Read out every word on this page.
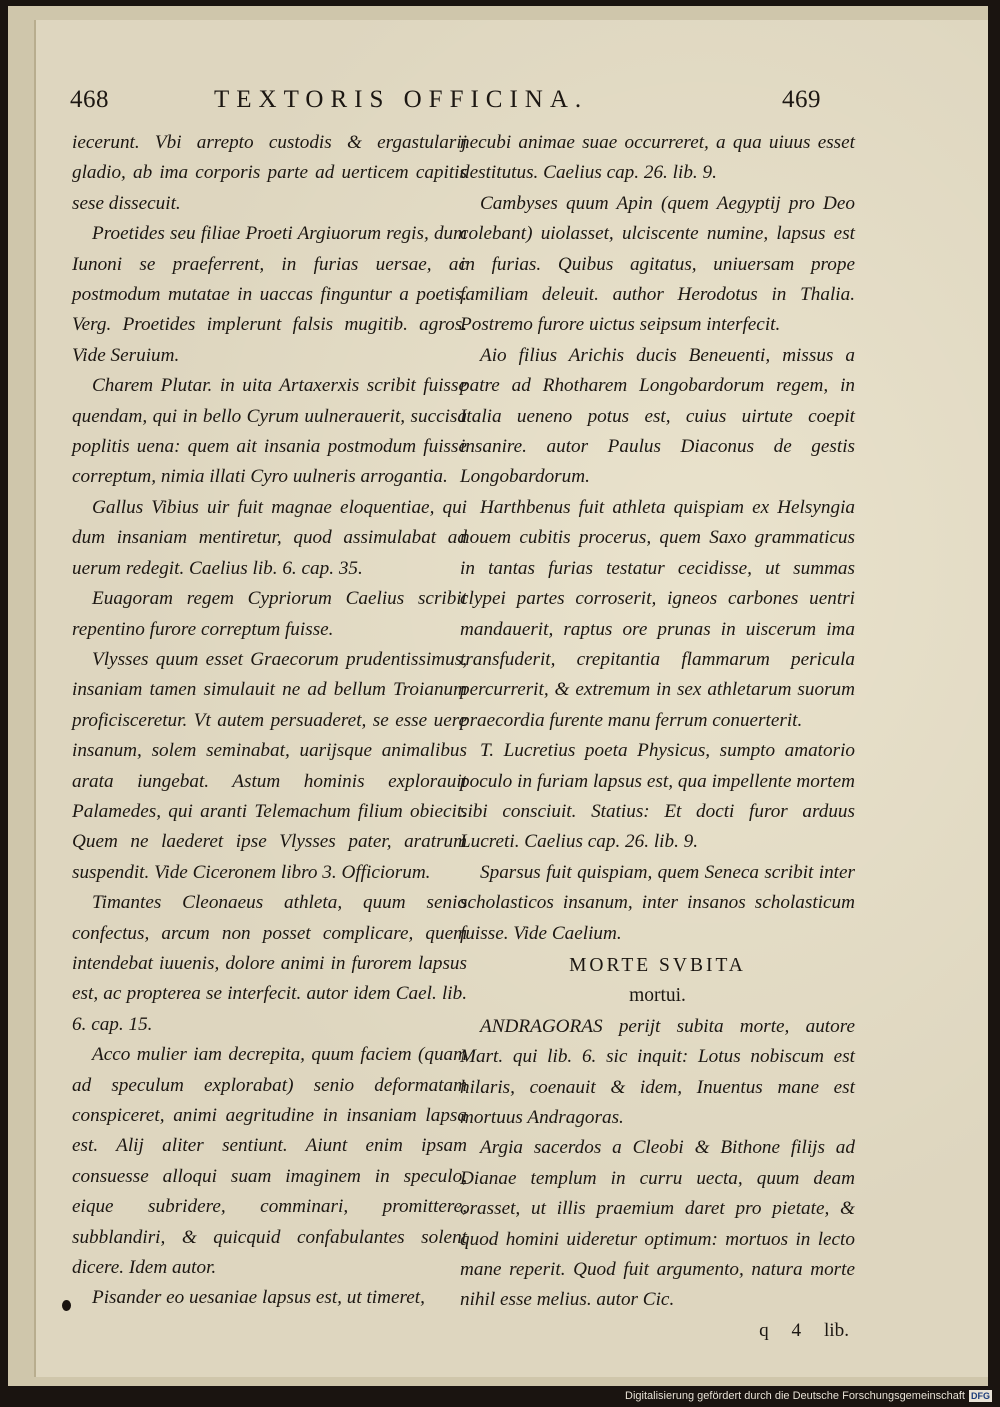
468	TEXTORIS OFFICINA.	469

iecerunt. Vbi arrepto custodis & ergastularij gladio, ab ima corporis parte ad uerticem capitis sese dissecuit.

Proetides seu filiae Proeti Argiuorum regis, dum Iunoni se praeferrent, in furias uersae, ac postmodum mutatae in uaccas finguntur a poetis. Verg. Proetides implerunt falsis mugitib. agros. Vide Seruium.

Charem Plutar. in uita Artaxerxis scribit fuisse quendam, qui in bello Cyrum uulnerauerit, succisa poplitis uena: quem ait insania postmodum fuisse correptum, nimia illati Cyro uulneris arrogantia.

Gallus Vibius uir fuit magnae eloquentiae, qui dum insaniam mentiretur, quod assimulabat ad uerum redegit. Caelius lib. 6. cap. 35.

Euagoram regem Cypriorum Caelius scribit repentino furore correptum fuisse.

Vlysses quum esset Graecorum prudentissimus, insaniam tamen simulauit ne ad bellum Troianum proficisceretur. Vt autem persuaderet, se esse uere insanum, solem seminabat, uarijsque animalibus arata iungebat. Astum hominis explorauit Palamedes, qui aranti Telemachum filium obiecit. Quem ne laederet ipse Vlysses pater, aratrum suspendit. Vide Ciceronem libro 3. Officiorum.

Timantes Cleonaeus athleta, quum senio confectus, arcum non posset complicare, quem intendebat iuuenis, dolore animi in furorem lapsus est, ac propterea se interfecit. autor idem Cael. lib. 6. cap. 15.

Acco mulier iam decrepita, quum faciem (quam ad speculum explorabat) senio deformatam conspiceret, animi aegritudine in insaniam lapsa est. Alij aliter sentiunt. Aiunt enim ipsam consuesse alloqui suam imaginem in speculo, eique subridere, comminari, promittere, subblandiri, & quicquid confabulantes solent dicere. Idem autor.

Pisander eo uesaniae lapsus est, ut timeret,

necubi animae suae occurreret, a qua uiuus esset destitutus. Caelius cap. 26. lib. 9.

Cambyses quum Apin (quem Aegyptij pro Deo colebant) uiolasset, ulciscente numine, lapsus est in furias. Quibus agitatus, uniuersam prope familiam deleuit. author Herodotus in Thalia. Postremo furore uictus seipsum interfecit.

Aio filius Arichis ducis Beneuenti, missus a patre ad Rhotharem Longobardorum regem, in Italia ueneno potus est, cuius uirtute coepit insanire. autor Paulus Diaconus de gestis Longobardorum.

Harthbenus fuit athleta quispiam ex Helsyngia nouem cubitis procerus, quem Saxo grammaticus in tantas furias testatur cecidisse, ut summas clypei partes corroserit, igneos carbones uentri mandauerit, raptus ore prunas in uiscerum ima transfuderit, crepitantia flammarum pericula percurrerit, & extremum in sex athletarum suorum praecordia furente manu ferrum conuerterit.

T. Lucretius poeta Physicus, sumpto amatorio poculo in furiam lapsus est, qua impellente mortem sibi consciuit. Statius: Et docti furor arduus Lucreti. Caelius cap. 26. lib. 9.

Sparsus fuit quispiam, quem Seneca scribit inter scholasticos insanum, inter insanos scholasticum fuisse. Vide Caelium.

MORTE SVBITA

mortui.

ANDRAGORAS perijt subita morte, autore Mart. qui lib. 6. sic inquit: Lotus nobiscum est hilaris, coenauit & idem, Inuentus mane est mortuus Andragoras.

Argia sacerdos a Cleobi & Bithone filijs ad Dianae templum in curru uecta, quum deam orasset, ut illis praemium daret pro pietate, & quod homini uideretur optimum: mortuos in lecto mane reperit. Quod fuit argumento, natura morte nihil esse melius. autor Cic.

q 4 lib.

Digitalisierung gefördert durch die Deutsche Forschungsgemeinschaft DFG
